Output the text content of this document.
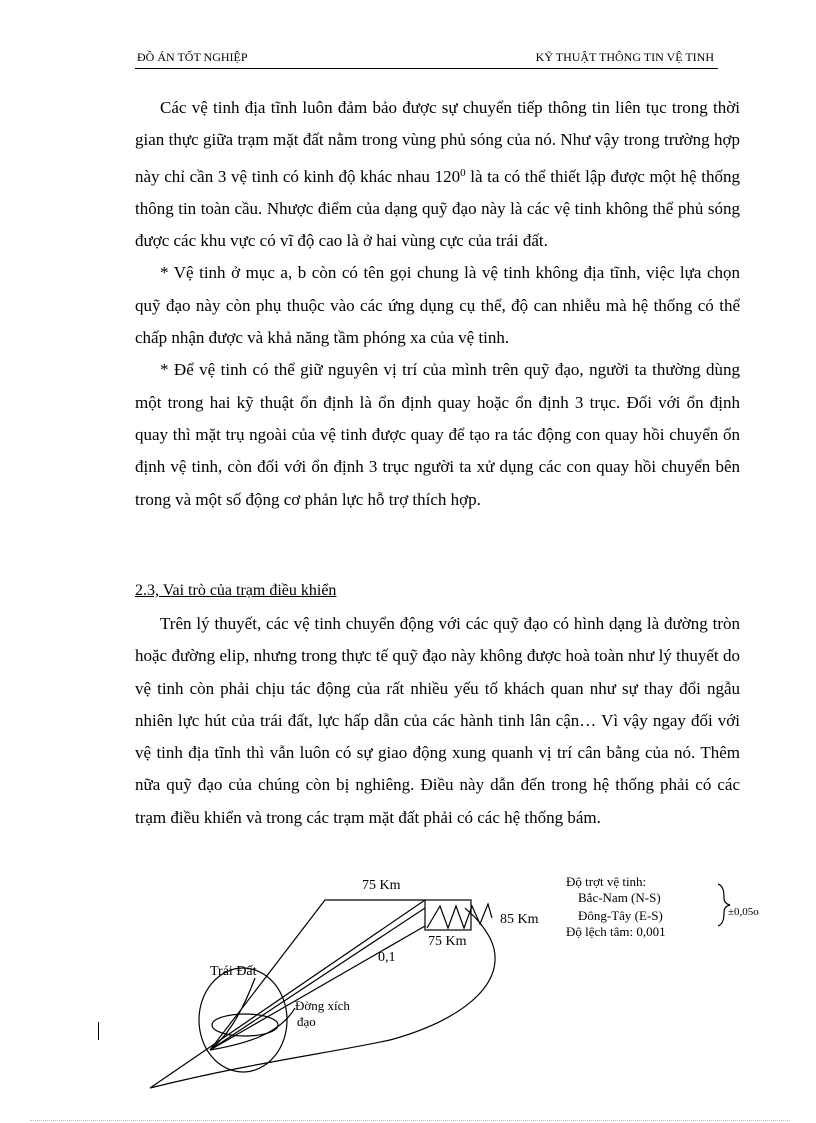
ĐỒ ÁN TỐT NGHIỆP	KỸ THUẬT THÔNG TIN VỆ TINH

Các vệ tinh địa tĩnh luôn đảm bảo được sự chuyển tiếp thông tin liên tục trong thời gian thực giữa trạm mặt đất nằm trong vùng phủ sóng của nó. Như vậy trong trường hợp này chỉ cần 3 vệ tinh có kinh độ khác nhau $120^0$ là ta có thể thiết lập được một hệ thống thông tin toàn cầu. Nhược điểm của dạng quỹ đạo này là các vệ tinh không thể phủ sóng được các khu vực có vĩ độ cao là ở hai vùng cực của trái đất.

* Vệ tinh ở mục a, b còn có tên gọi chung là vệ tinh không địa tĩnh, việc lựa chọn quỹ đạo này còn phụ thuộc vào các ứng dụng cụ thể, độ can nhiễu mà hệ thống có thể chấp nhận được và khả năng tầm phóng xa của vệ tinh.

* Để vệ tinh có thể giữ nguyên vị trí của mình trên quỹ đạo, người ta thường dùng một trong hai kỹ thuật ổn định là ổn định quay hoặc ổn định 3 trục. Đối với ổn định quay thì mặt trụ ngoài của vệ tinh được quay để tạo ra tác động con quay hồi chuyển ổn định vệ tinh, còn đối với ổn định 3 trục người ta xử dụng các con quay hồi chuyển bên trong và một số động cơ phản lực hỗ trợ thích hợp.

2.3, Vai trò của trạm điều khiển

Trên lý thuyết, các vệ tinh chuyển động với các quỹ đạo có hình dạng là đường tròn hoặc đường elip, nhưng trong thực tế quỹ đạo này không được hoà toàn như lý thuyết do vệ tinh còn phải chịu tác động của rất nhiều yếu tố khách quan như sự thay đổi ngẫu nhiên lực hút của trái đất, lực hấp dẫn của các hành tinh lân cận… Vì vậy ngay đối với vệ tinh địa tĩnh thì vẫn luôn có sự giao động xung quanh vị trí cân bằng của nó. Thêm nữa quỹ đạo của chúng còn bị nghiêng. Điều này dẫn đến trong hệ thống phải có các trạm điều khiển và trong các trạm mặt đất phải có các hệ thống bám.

75 Km
85 Km
75 Km
0,1
Trái Đất
Đờng xích
đạo
Độ trợt vệ tinh:
Bắc-Nam (N-S)
Đông-Tây (E-S)
Độ lệch tâm: 0,001
±0,05o
